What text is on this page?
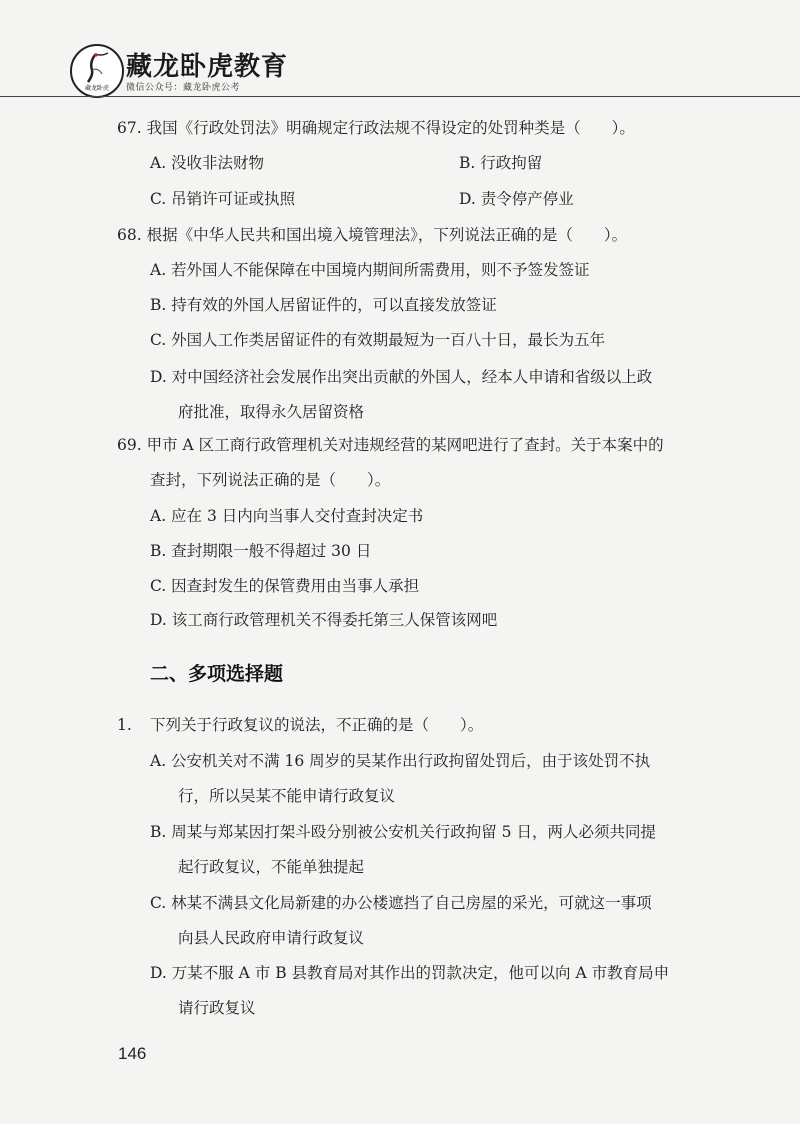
藏龙卧虎
藏龙卧虎教育
微信公众号：藏龙卧虎公考
67. 我国《行政处罚法》明确规定行政法规不得设定的处罚种类是（　　）。
A. 没收非法财物	B. 行政拘留
C. 吊销许可证或执照	D. 责令停产停业
68. 根据《中华人民共和国出境入境管理法》，下列说法正确的是（　　）。
A. 若外国人不能保障在中国境内期间所需费用，则不予签发签证
B. 持有效的外国人居留证件的，可以直接发放签证
C. 外国人工作类居留证件的有效期最短为一百八十日，最长为五年
D. 对中国经济社会发展作出突出贡献的外国人，经本人申请和省级以上政
府批准，取得永久居留资格
69. 甲市 A 区工商行政管理机关对违规经营的某网吧进行了查封。关于本案中的
查封，下列说法正确的是（　　）。
A. 应在 3 日内向当事人交付查封决定书
B. 查封期限一般不得超过 30 日
C. 因查封发生的保管费用由当事人承担
D. 该工商行政管理机关不得委托第三人保管该网吧
二、多项选择题
1. 下列关于行政复议的说法，不正确的是（　　）。
A. 公安机关对不满 16 周岁的吴某作出行政拘留处罚后，由于该处罚不执
行，所以吴某不能申请行政复议
B. 周某与郑某因打架斗殴分别被公安机关行政拘留 5 日，两人必须共同提
起行政复议，不能单独提起
C. 林某不满县文化局新建的办公楼遮挡了自己房屋的采光，可就这一事项
向县人民政府申请行政复议
D. 万某不服 A 市 B 县教育局对其作出的罚款决定，他可以向 A 市教育局申
请行政复议
146
